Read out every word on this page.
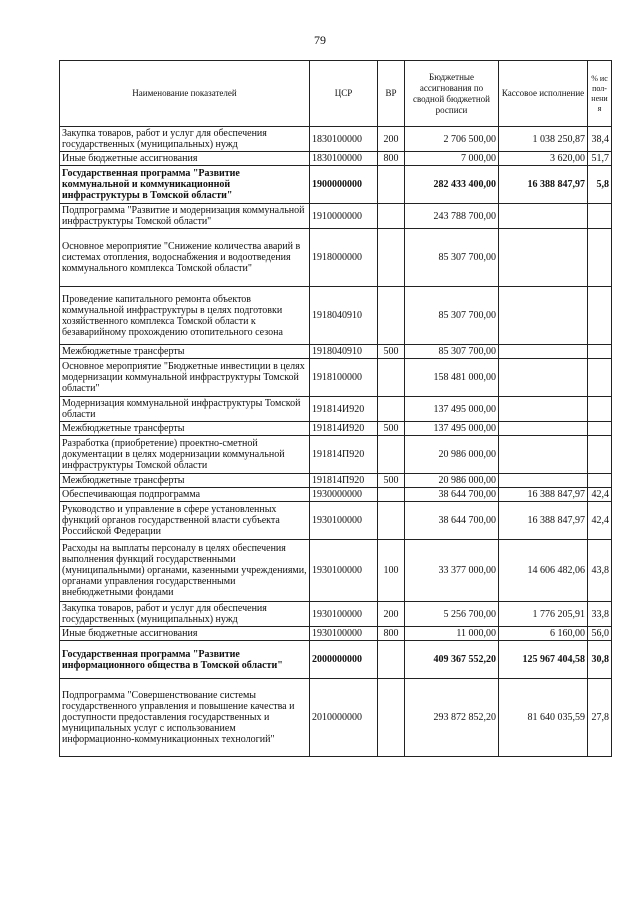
79
Наименование показателей	ЦСР	ВР	Бюджетные ассигнования по сводной бюджетной росписи	Кассовое исполнение	% испол-нения
Закупка товаров, работ и услуг для обеспечения государственных (муниципальных) нужд	1830100000	200	2 706 500,00	1 038 250,87	38,4
Иные бюджетные ассигнования	1830100000	800	7 000,00	3 620,00	51,7
Государственная программа "Развитие коммунальной и коммуникационной инфраструктуры в Томской области"	1900000000		282 433 400,00	16 388 847,97	5,8
Подпрограмма "Развитие и модернизация коммунальной инфраструктуры Томской области"	1910000000		243 788 700,00		
Основное мероприятие "Снижение количества аварий в системах отопления, водоснабжения и водоотведения коммунального комплекса Томской области"	1918000000		85 307 700,00		
Проведение капитального ремонта объектов коммунальной инфраструктуры в целях подготовки хозяйственного комплекса Томской области к безаварийному прохождению отопительного сезона	1918040910		85 307 700,00		
Межбюджетные трансферты	1918040910	500	85 307 700,00		
Основное мероприятие "Бюджетные инвестиции в целях модернизации коммунальной инфраструктуры Томской области"	1918100000		158 481 000,00		
Модернизация коммунальной инфраструктуры Томской области	191814И920		137 495 000,00		
Межбюджетные трансферты	191814И920	500	137 495 000,00		
Разработка (приобретение) проектно-сметной документации в целях модернизации коммунальной инфраструктуры Томской области	191814П920		20 986 000,00		
Межбюджетные трансферты	191814П920	500	20 986 000,00		
Обеспечивающая подпрограмма	1930000000		38 644 700,00	16 388 847,97	42,4
Руководство и управление в сфере установленных функций органов государственной власти субъекта Российской Федерации	1930100000		38 644 700,00	16 388 847,97	42,4
Расходы на выплаты персоналу в целях обеспечения выполнения функций государственными (муниципальными) органами, казенными учреждениями, органами управления государственными внебюджетными фондами	1930100000	100	33 377 000,00	14 606 482,06	43,8
Закупка товаров, работ и услуг для обеспечения государственных (муниципальных) нужд	1930100000	200	5 256 700,00	1 776 205,91	33,8
Иные бюджетные ассигнования	1930100000	800	11 000,00	6 160,00	56,0
Государственная программа "Развитие информационного общества в Томской области"	2000000000		409 367 552,20	125 967 404,58	30,8
Подпрограмма "Совершенствование системы государственного управления и повышение качества и доступности предоставления государственных и муниципальных услуг с использованием информационно-коммуникационных технологий"	2010000000		293 872 852,20	81 640 035,59	27,8
